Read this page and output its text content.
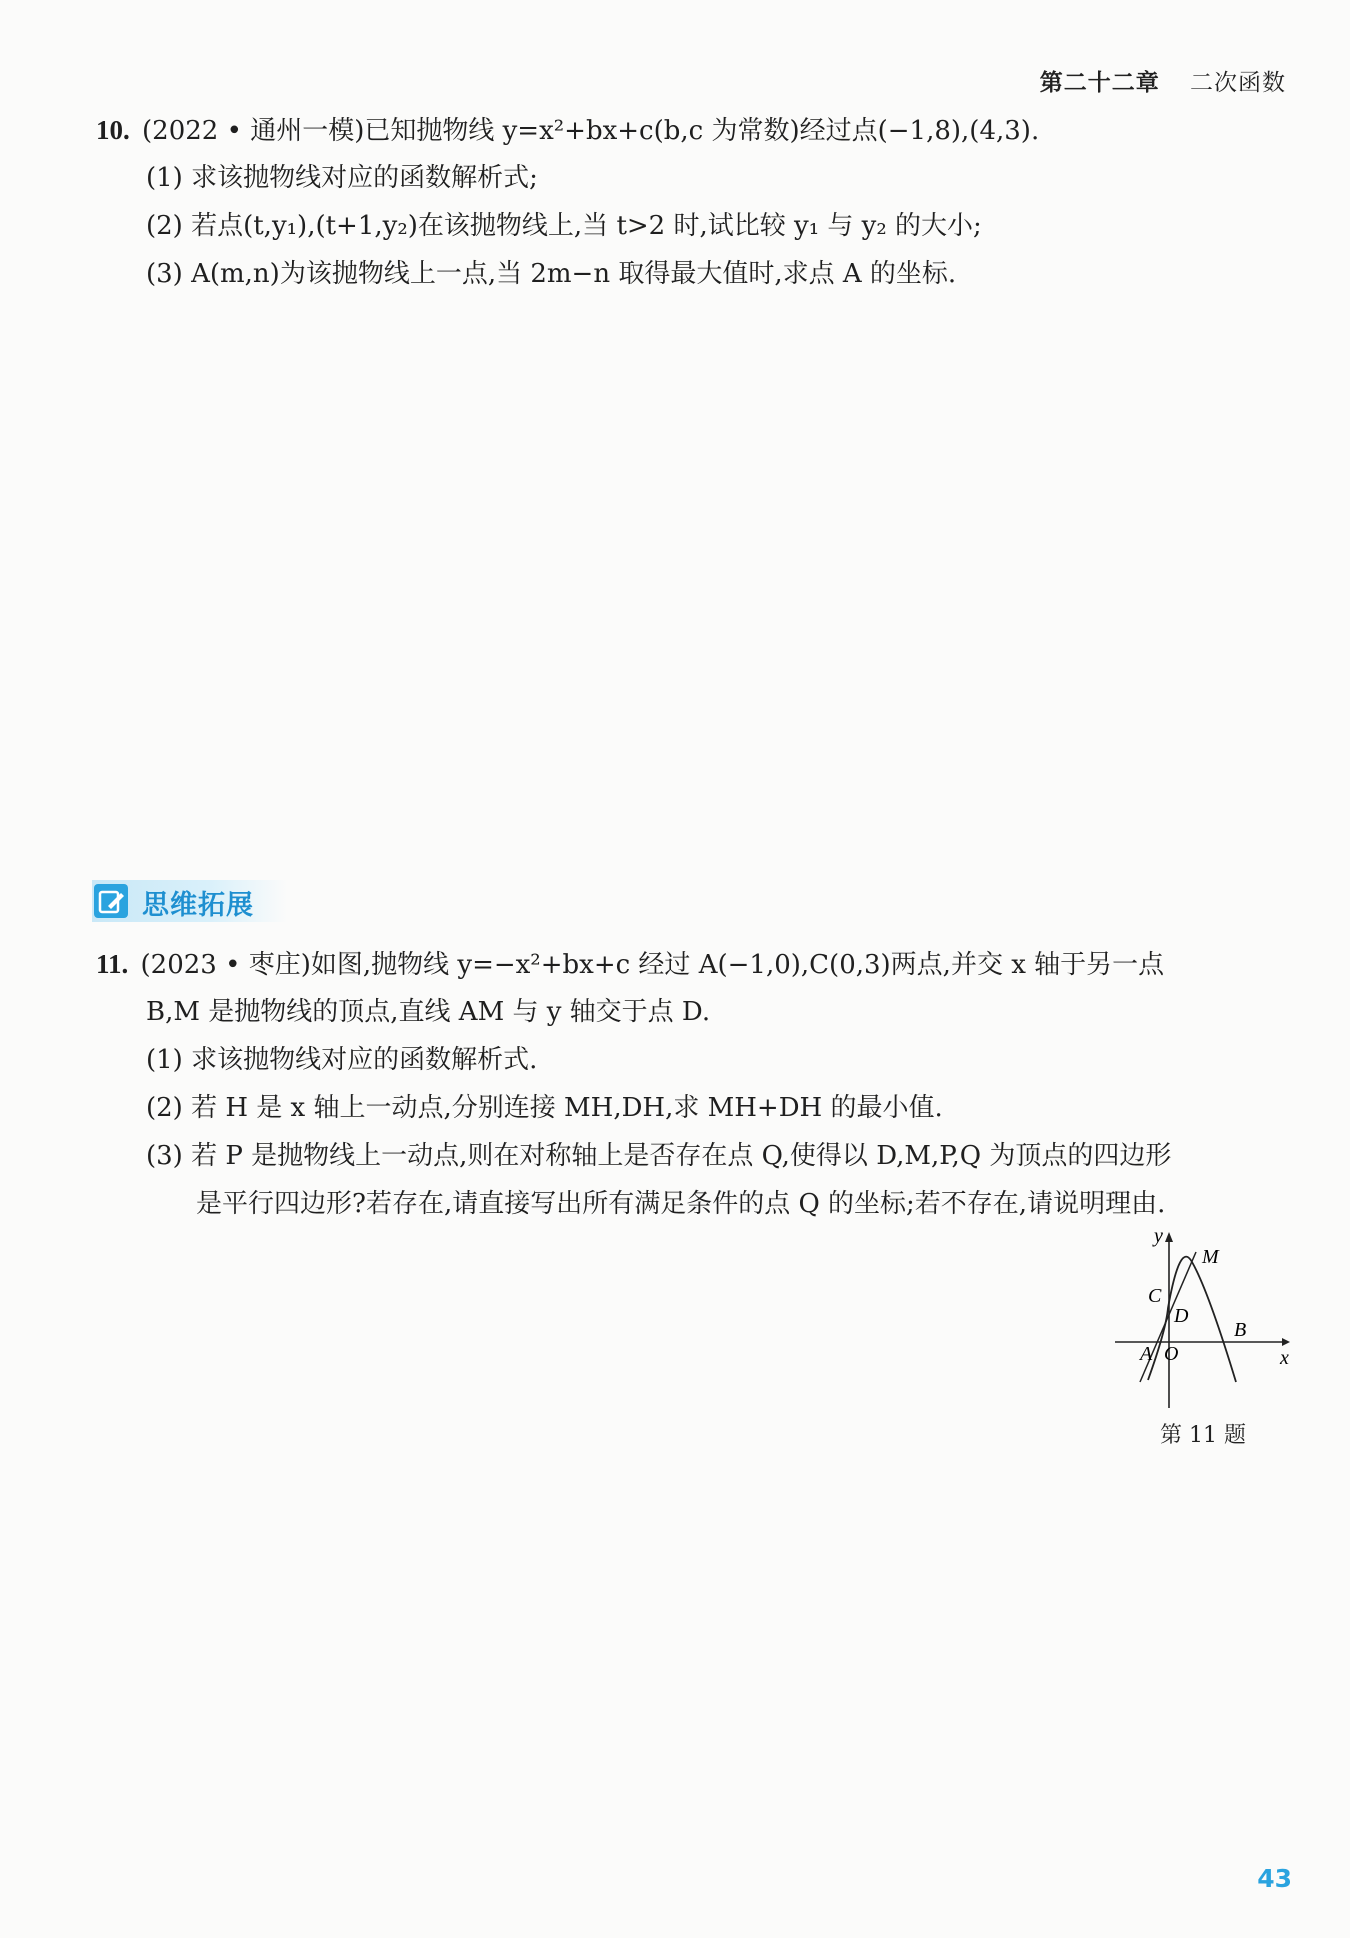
第二十二章 二次函数
10. (2022 • 通州一模)已知抛物线 y=x²+bx+c(b,c 为常数)经过点(−1,8),(4,3).
(1) 求该抛物线对应的函数解析式;
(2) 若点(t,y₁),(t+1,y₂)在该抛物线上,当 t>2 时,试比较 y₁ 与 y₂ 的大小;
(3) A(m,n)为该抛物线上一点,当 2m−n 取得最大值时,求点 A 的坐标.
思维拓展
11. (2023 • 枣庄)如图,抛物线 y=−x²+bx+c 经过 A(−1,0),C(0,3)两点,并交 x 轴于另一点
B,M 是抛物线的顶点,直线 AM 与 y 轴交于点 D.
(1) 求该抛物线对应的函数解析式.
(2) 若 H 是 x 轴上一动点,分别连接 MH,DH,求 MH+DH 的最小值.
(3) 若 P 是抛物线上一动点,则在对称轴上是否存在点 Q,使得以 D,M,P,Q 为顶点的四边形
是平行四边形?若存在,请直接写出所有满足条件的点 Q 的坐标;若不存在,请说明理由.
y
x
M
C
D
B
A O
第 11 题
43
